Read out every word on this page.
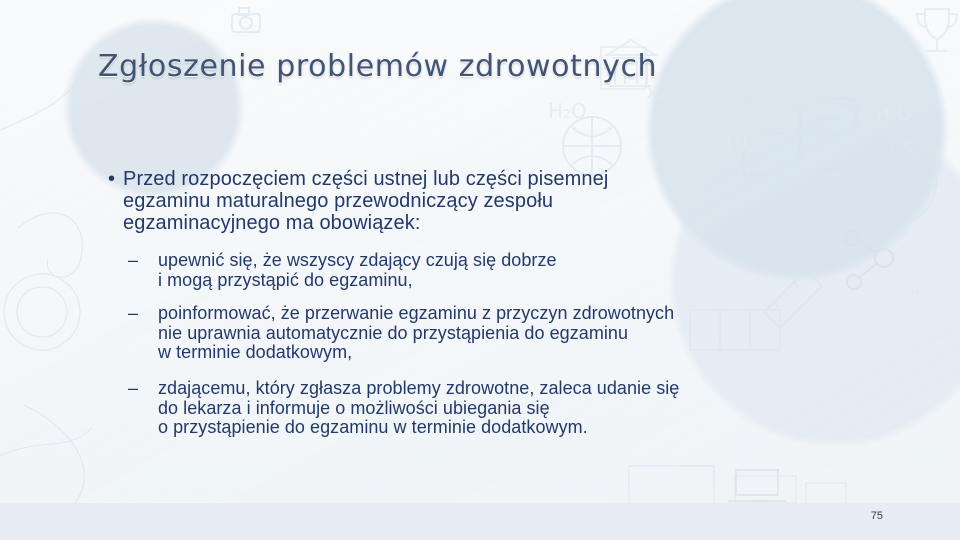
B C
H₂O	H₂O
10
x₂
+
-
Zgłoszenie problemów zdrowotnych
• Przed rozpoczęciem części ustnej lub części pisemnej
egzaminu maturalnego przewodniczący zespołu
egzaminacyjnego ma obowiązek:
–	upewnić się, że wszyscy zdający czują się dobrze
i mogą przystąpić do egzaminu,
–	poinformować, że przerwanie egzaminu z przyczyn zdrowotnych
nie uprawnia automatycznie do przystąpienia do egzaminu
w terminie dodatkowym,
–	zdającemu, który zgłasza problemy zdrowotne, zaleca udanie się
do lekarza i informuje o możliwości ubiegania się
o przystąpienie do egzaminu w terminie dodatkowym.
75
